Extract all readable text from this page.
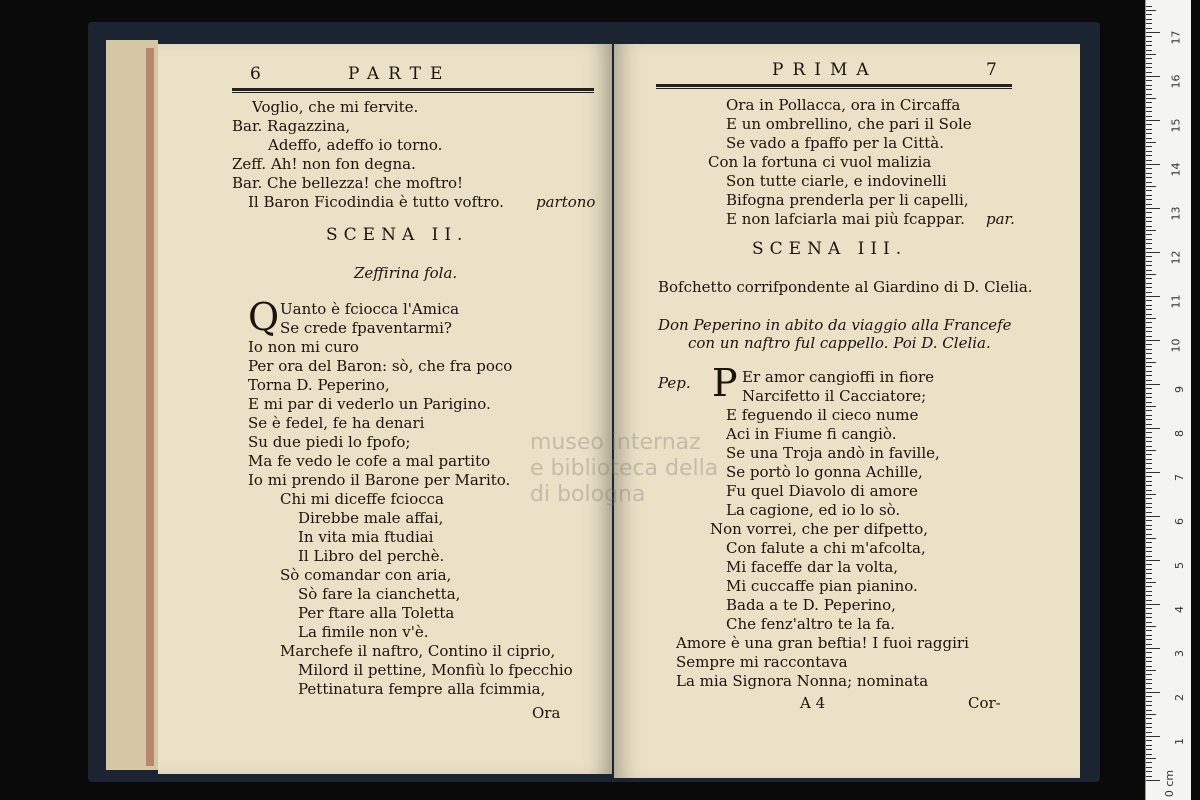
6	PARTE
Voglio, che mi fervite.
Bar. Ragazzina,
Adeffo, adeffo io torno.
Zeff. Ah! non fon degna.
Bar. Che bellezza! che moftro!
Il Baron Ficodindia è tutto voftro. partono
SCENA II.
Zeffirina fola.
Q Uanto è fciocca l'Amica
Se crede fpaventarmi?
Io non mi curo
Per ora del Baron: sò, che fra poco
Torna D. Peperino,
E mi par di vederlo un Parigino.
Se è fedel, fe ha denari
Su due piedi lo fpofo;
Ma fe vedo le cofe a mal partito
Io mi prendo il Barone per Marito.
Chi mi diceffe fciocca
Direbbe male affai,
In vita mia ftudiai
Il Libro del perchè.
Sò comandar con aria,
Sò fare la cianchetta,
Per ftare alla Toletta
La fimile non v'è.
Marchefe il naftro, Contino il ciprio,
Milord il pettine, Monfiù lo fpecchio
Pettinatura fempre alla fcimmia,
Ora
PRIMA	7
Ora in Pollacca, ora in Circaffa
E un ombrellino, che pari il Sole
Se vado a fpaffo per la Città.
Con la fortuna ci vuol malizia
Son tutte ciarle, e indovinelli
Bifogna prenderla per li capelli,
E non lafciarla mai più fcappar. par.
SCENA III.
Bofchetto corrifpondente al Giardino di D. Clelia.
Don Peperino in abito da viaggio alla Francefe
con un naftro ful cappello. Poi D. Clelia.
Pep. P Er amor cangioffi in fiore
Narcifetto il Cacciatore;
E feguendo il cieco nume
Aci in Fiume fi cangiò.
Se una Troja andò in faville,
Se portò lo gonna Achille,
Fu quel Diavolo di amore
La cagione, ed io lo sò.
Non vorrei, che per difpetto,
Con falute a chi m'afcolta,
Mi faceffe dar la volta,
Mi cuccaffe pian pianino.
Bada a te D. Peperino,
Che fenz'altro te la fa.
Amore è una gran beftia! I fuoi raggiri
Sempre mi raccontava
La mia Signora Nonna; nominata
A 4	Cor-
museo internaz
e biblioteca della
di bologna
0 cm
1
2
3
4
5
6
7
8
9
10
11
12
13
14
15
16
17
